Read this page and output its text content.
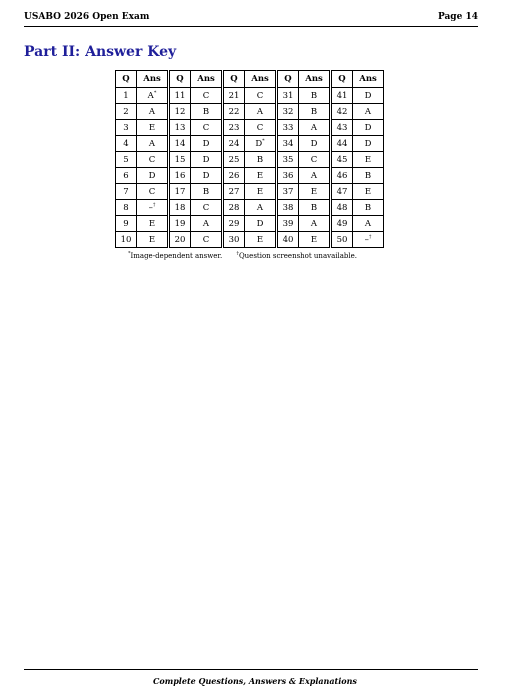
USABO 2026 Open Exam	Page 14
Part II: Answer Key
Q	Ans	Q	Ans	Q	Ans	Q	Ans	Q	Ans
1	A*	11	C	21	C	31	B	41	D
2	A	12	B	22	A	32	B	42	A
3	E	13	C	23	C	33	A	43	D
4	A	14	D	24	D*	34	D	44	D
5	C	15	D	25	B	35	C	45	E
6	D	16	D	26	E	36	A	46	B
7	C	17	B	27	E	37	E	47	E
8	–†	18	C	28	A	38	B	48	B
9	E	19	A	29	D	39	A	49	A
10	E	20	C	30	E	40	E	50	–†
*Image-dependent answer.	†Question screenshot unavailable.
Complete Questions, Answers & Explanations
